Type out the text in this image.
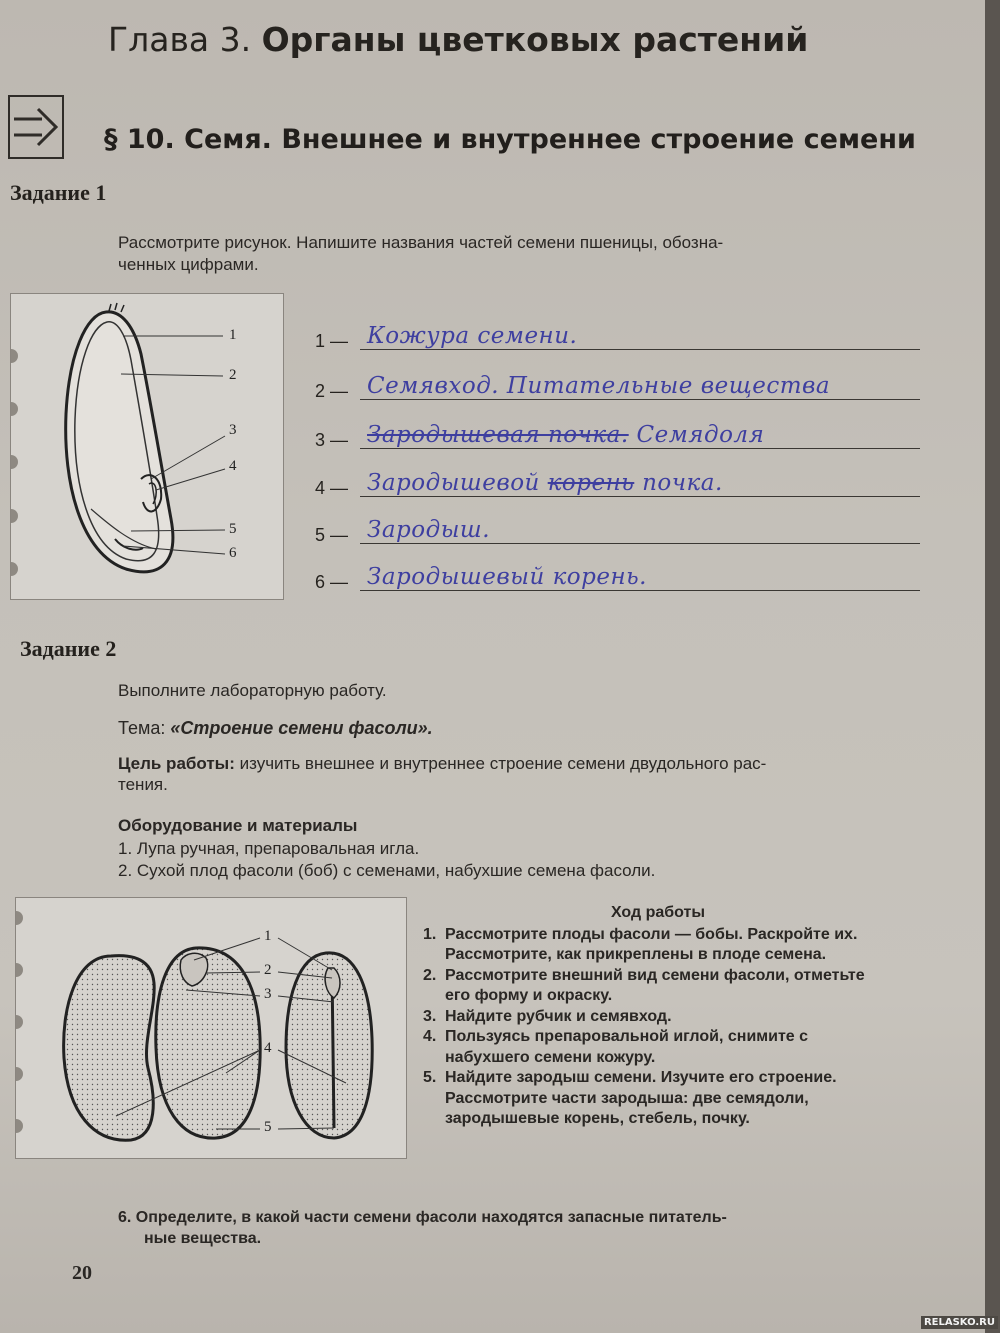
Глава 3. Органы цветковых растений
§ 10. Семя. Внешнее и внутреннее строение семени
Задание 1
Рассмотрите рисунок. Напишите названия частей семени пшеницы, обозна-
ченных цифрами.
1
2
3
4
5
6
1 — Кожура семени.
2 — Семявход. Питательные вещества
3 — Зародышевая почка. Семядоля
4 — Зародышевой корень почка.
5 — Зародыш.
6 — Зародышевый корень.
Задание 2
Выполните лабораторную работу.
Тема: «Строение семени фасоли».
Цель работы: изучить внешнее и внутреннее строение семени двудольного рас-
тения.
Оборудование и материалы
1. Лупа ручная, препаровальная игла.
2. Сухой плод фасоли (боб) с семенами, набухшие семена фасоли.
1
2
3
4
5
Ход работы
1. Рассмотрите плоды фасоли — бобы. Раскройте их. Рассмотрите, как прикреплены в плоде семена.
2. Рассмотрите внешний вид семени фасоли, отметьте его форму и окраску.
3. Найдите рубчик и семявход.
4. Пользуясь препаровальной иглой, снимите с набухшего семени кожуру.
5. Найдите зародыш семени. Изучите его строение. Рассмотрите части зародыша: две семядоли, зародышевые корень, стебель, почку.
6. Определите, в какой части семени фасоли находятся запасные питатель-
ные вещества.
20
RELASKO.RU
